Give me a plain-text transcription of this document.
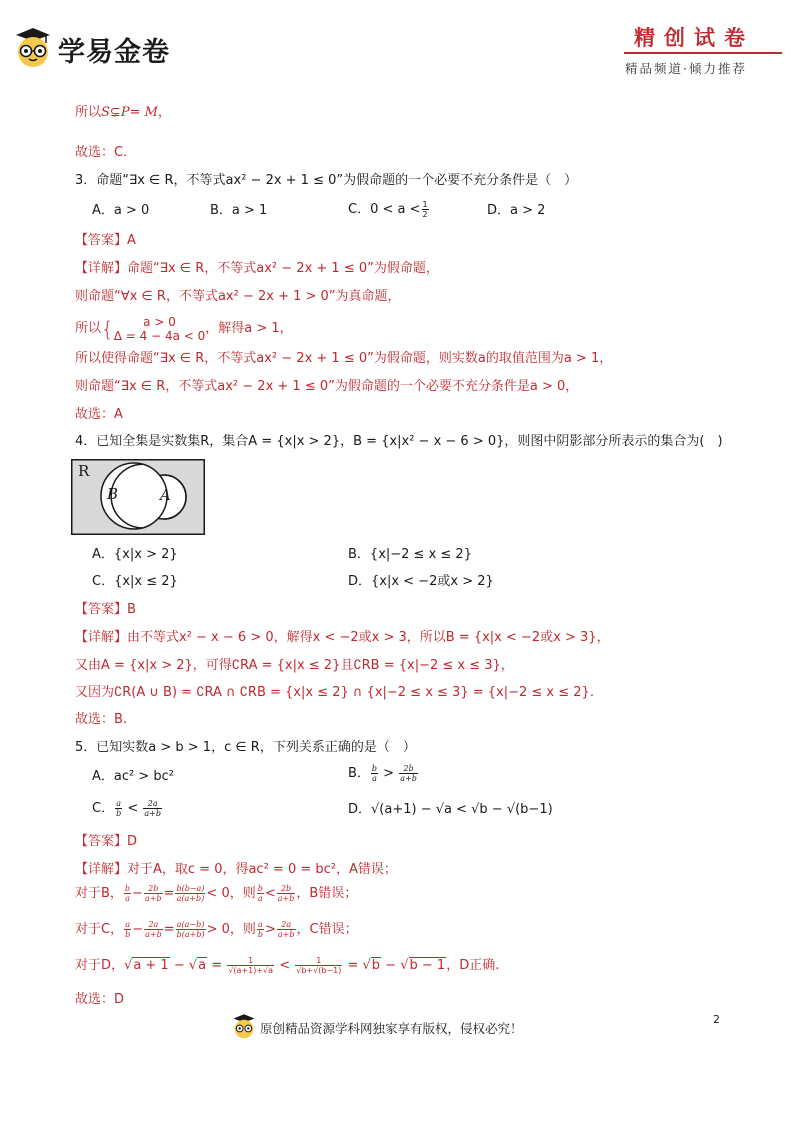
学易金卷	精创试卷
精品频道·倾力推荐
所以S⊊P= M，
故选：C.
3．命题“∃x ∈ R，不等式ax² − 2x + 1 ≤ 0”为假命题的一个必要不充分条件是（　）
A．a > 0	B．a > 1	C．$0 < a < \frac{1}{2}$	D．a > 2
【答案】A
【详解】命题“∃x ∈ R，不等式ax² − 2x + 1 ≤ 0”为假命题，
则命题“∀x ∈ R，不等式ax² − 2x + 1 > 0”为真命题，
所以{	a > 0
Δ = 4 − 4a < 0 ，解得a > 1，
所以使得命题“∃x ∈ R，不等式ax² − 2x + 1 ≤ 0”为假命题，则实数a的取值范围为a > 1，
则命题“∃x ∈ R，不等式ax² − 2x + 1 ≤ 0”为假命题的一个必要不充分条件是a > 0，
故选：A
4．已知全集是实数集R，集合A = {x|x > 2}，B = {x|x² − x − 6 > 0}，则图中阴影部分所表示的集合为(　)
R
B	A
A．{x|x > 2}	B．{x|−2 ≤ x ≤ 2}
C．{x|x ≤ 2}	D．{x|x < −2或x > 2}
【答案】B
【详解】由不等式x² − x − 6 > 0，解得x < −2或x > 3，所以B = {x|x < −2或x > 3}，
又由A = {x|x > 2}，可得∁RA = {x|x ≤ 2}且∁RB = {x|−2 ≤ x ≤ 3}，
又因为∁R(A ∪ B) = ∁RA ∩ ∁RB = {x|x ≤ 2} ∩ {x|−2 ≤ x ≤ 3} = {x|−2 ≤ x ≤ 2}.
故选：B.
5．已知实数a > b > 1，c ∈ R，下列关系正确的是（　）
A．ac² > bc²	B． $\frac{b}{a} > \frac{2b}{a+b}$
C． $\frac{a}{b} < \frac{2a}{a+b}$	D．√(a+1) − √a < √b − √(b−1)
【答案】D
【详解】对于A，取c = 0，得ac² = 0 = bc²，A错误；
对于B， $\frac{b}{a} - \frac{2b}{a+b} = \frac{b(b-a)}{a(a+b)} < 0$，则 $\frac{b}{a} < \frac{2b}{a+b}$ ，B错误；
对于C， $\frac{a}{b} - \frac{2a}{a+b} = \frac{a(a-b)}{b(a+b)} > 0$，则 $\frac{a}{b} > \frac{2a}{a+b}$ ，C错误；
对于D，$√a + 1 - √a = \frac{1}{√(a+1)+√a} < \frac{1}{√b+√(b-1)} = √b - √b - 1$，D正确.
故选：D
原创精品资源学科网独家享有版权，侵权必究！
2
